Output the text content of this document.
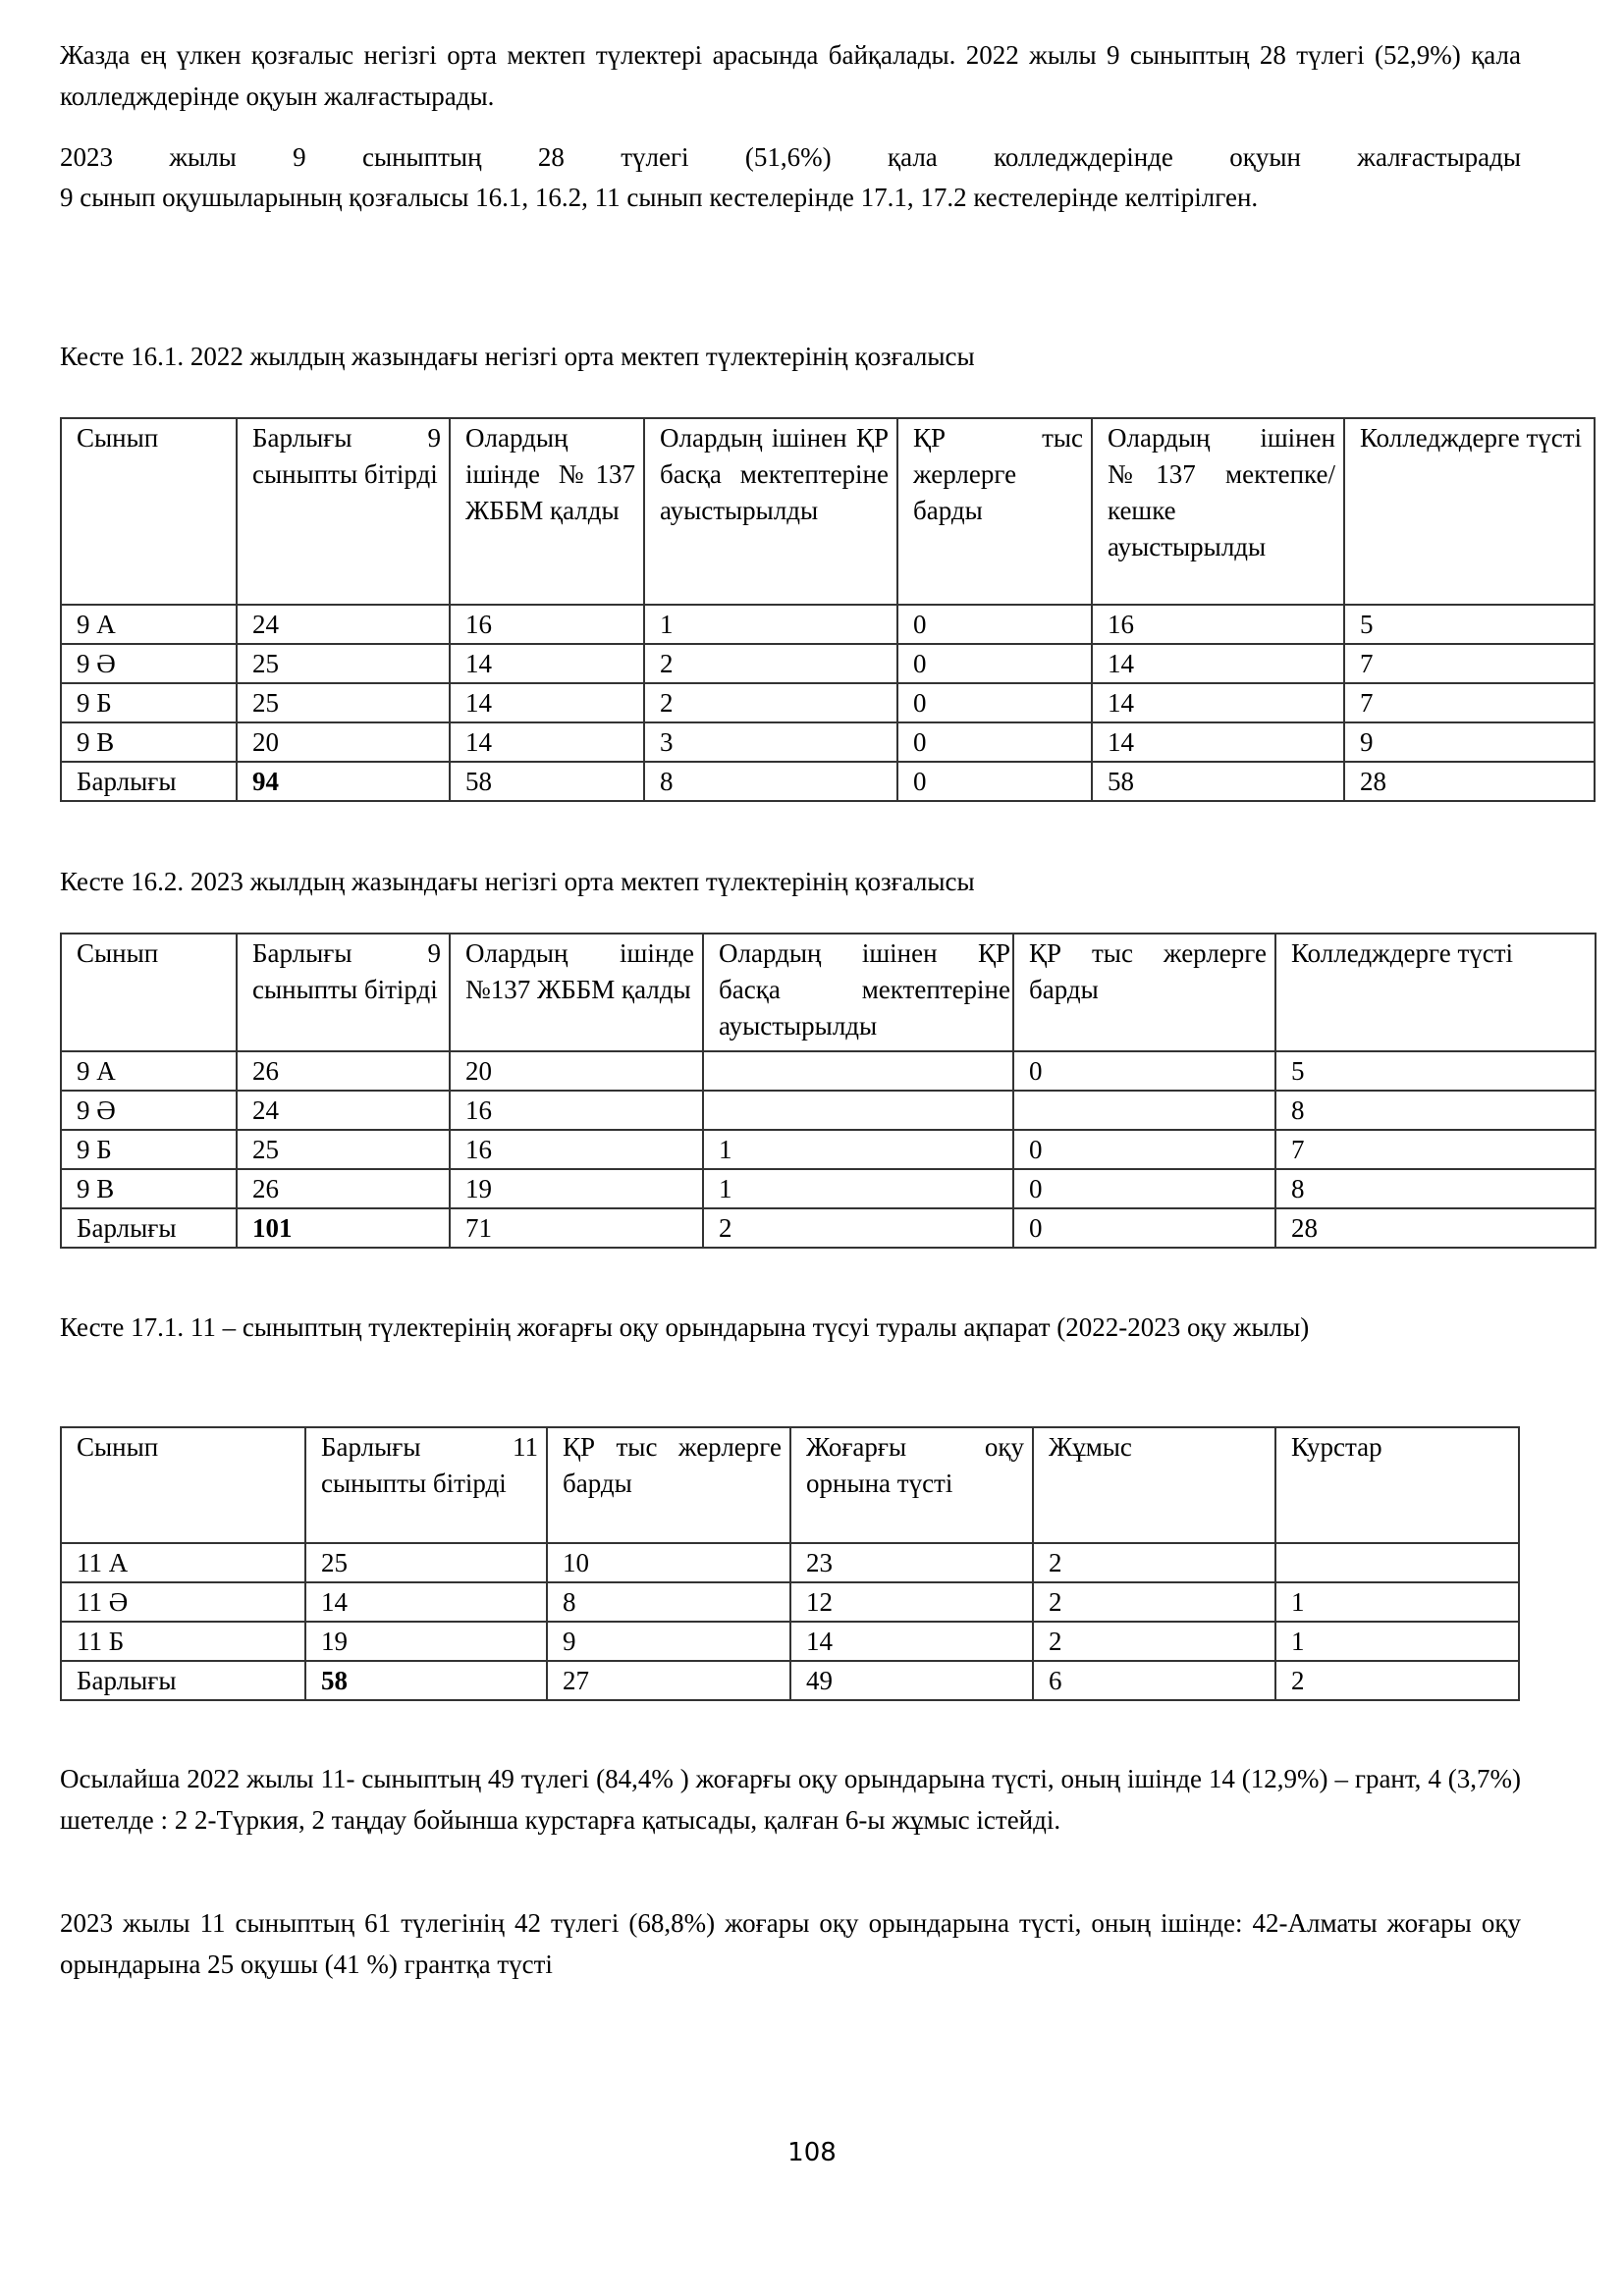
Жазда ең үлкен қозғалыс негізгі орта мектеп түлектері арасында байқалады. 2022 жылы 9 сыныптың 28 түлегі (52,9%) қала колледждерінде оқуын жалғастырады.

2023 жылы 9 сыныптың 28 түлегі (51,6%) қала колледждерінде оқуын жалғастырады

9 сынып оқушыларының қозғалысы 16.1, 16.2, 11 сынып кестелерінде 17.1, 17.2 кестелерінде келтірілген.

Кесте 16.1. 2022 жылдың жазындағы негізгі орта мектеп түлектерінің қозғалысы

Сынып	Барлығы 9 сыныпты бітірді	Олардың ішінде №137 ЖББМ қалды	Олардың ішінен ҚР басқа мектептеріне ауыстырылды	ҚР тыс жерлерге барды	Олардың ішінен №137 мектепке/кешке ауыстырылды	Колледждерге түсті
9 А	24	16	1	0	16	5
9 Ә	25	14	2	0	14	7
9 Б	25	14	2	0	14	7
9 В	20	14	3	0	14	9
Барлығы	94	58	8	0	58	28

Кесте 16.2. 2023 жылдың жазындағы негізгі орта мектеп түлектерінің қозғалысы

Сынып	Барлығы 9 сыныпты бітірді	Олардың ішінде №137 ЖББМ қалды	Олардың ішінен ҚР басқа мектептеріне ауыстырылды	ҚР тыс жерлерге барды	Колледждерге түсті
9 А	26	20		0	5
9 Ә	24	16			8
9 Б	25	16	1	0	7
9 В	26	19	1	0	8
Барлығы	101	71	2	0	28

Кесте 17.1. 11 – сыныптың түлектерінің жоғарғы оқу орындарына түсуі туралы ақпарат (2022-2023 оқу жылы)

Сынып	Барлығы 11 сыныпты бітірді	ҚР тыс жерлерге барды	Жоғарғы оқу орнына түсті	Жұмыс	Курстар
11 А	25	10	23	2	
11 Ә	14	8	12	2	1
11 Б	19	9	14	2	1
Барлығы	58	27	49	6	2

Осылайша 2022 жылы 11- сыныптың 49 түлегі (84,4% ) жоғарғы оқу орындарына түсті, оның ішінде 14 (12,9%) – грант, 4 (3,7%) шетелде : 2 2-Түркия, 2 таңдау бойынша курстарға қатысады, қалған 6-ы жұмыс істейді.

2023 жылы 11 сыныптың 61 түлегінің 42 түлегі (68,8%) жоғары оқу орындарына түсті, оның ішінде: 42-Алматы жоғары оқу орындарына 25 оқушы (41 %) грантқа түсті

108
